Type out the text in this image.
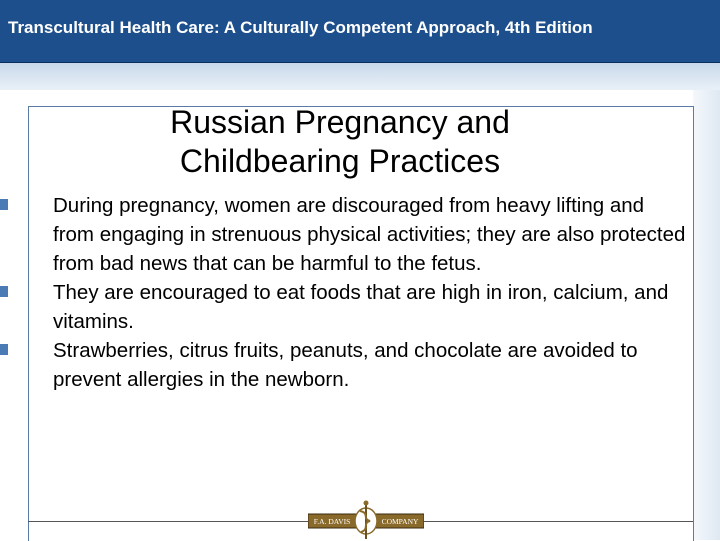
Transcultural Health Care: A Culturally Competent Approach, 4th Edition
Russian Pregnancy and
Childbearing Practices
During pregnancy, women are discouraged from heavy lifting and from engaging in strenuous physical activities; they are also protected from bad news that can be harmful to the fetus.
They are encouraged to eat foods that are high in iron, calcium, and vitamins.
Strawberries, citrus fruits, peanuts, and chocolate are avoided to prevent allergies in the newborn.
F.A. DAVIS	COMPANY
